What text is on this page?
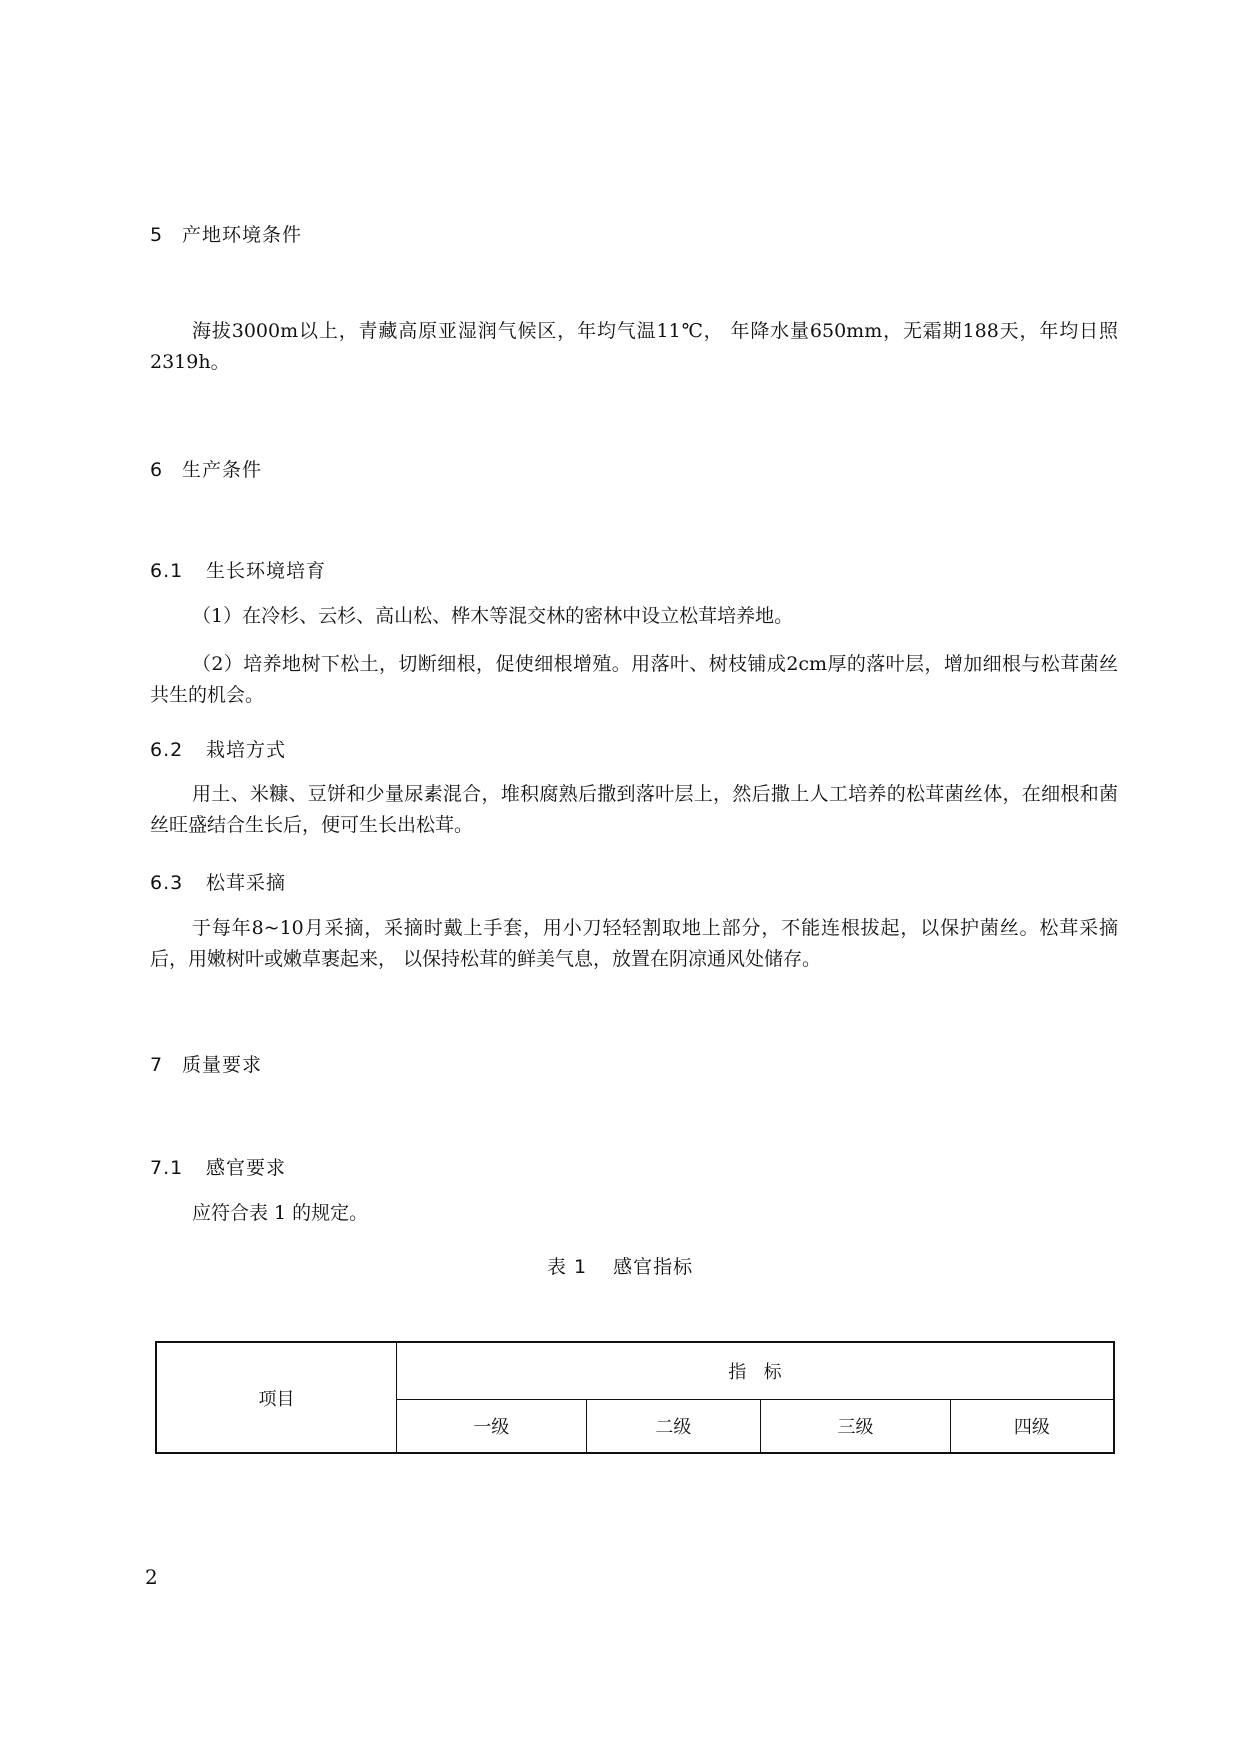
5 产地环境条件

海拔3000m以上，青藏高原亚湿润气候区，年均气温11℃， 年降水量650mm，无霜期188天，年均日照2319h。

6 生产条件
6.1 生长环境培育

（1）在冷杉、云杉、高山松、桦木等混交林的密林中设立松茸培养地。

（2）培养地树下松土，切断细根，促使细根增殖。用落叶、树枝铺成2cm厚的落叶层，增加细根与松茸菌丝共生的机会。

6.2 栽培方式

用土、米糠、豆饼和少量尿素混合，堆积腐熟后撒到落叶层上，然后撒上人工培养的松茸菌丝体，在细根和菌丝旺盛结合生长后，便可生长出松茸。

6.3 松茸采摘

于每年8~10月采摘，采摘时戴上手套，用小刀轻轻割取地上部分，不能连根拔起，以保护菌丝。松茸采摘后，用嫩树叶或嫩草裹起来， 以保持松茸的鲜美气息，放置在阴凉通风处储存。

7 质量要求
7.1 感官要求

应符合表 1 的规定。

表 1 感官指标
项目	指   标			
	一级	二级	三级	四级
2
